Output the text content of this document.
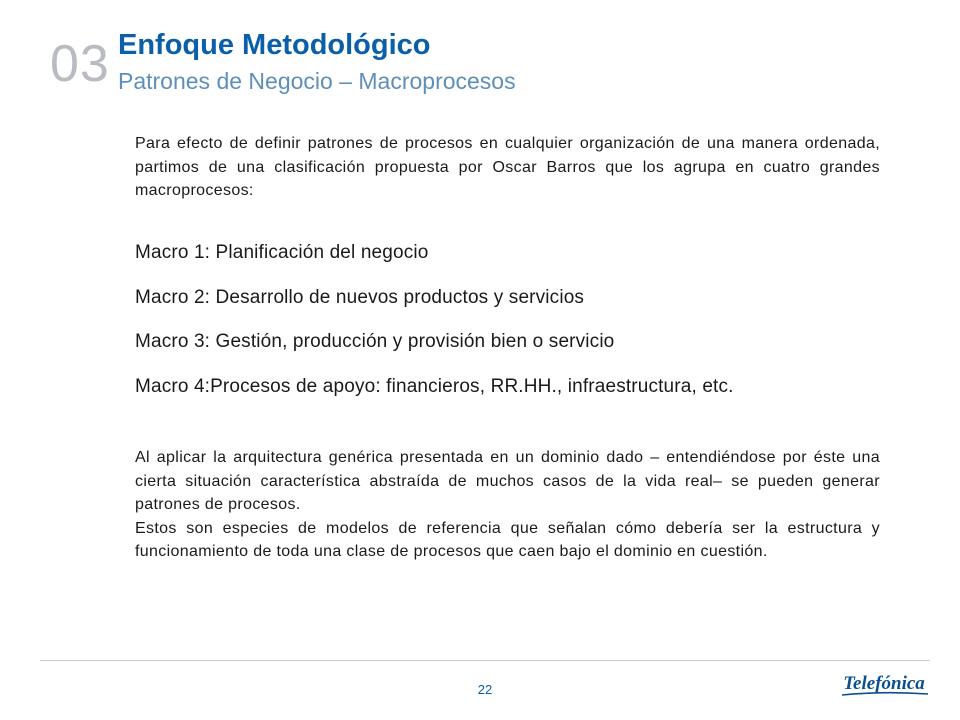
03 Enfoque Metodológico
Patrones de Negocio – Macroprocesos

Para efecto de definir patrones de procesos en cualquier organización de una manera ordenada, partimos de una clasificación propuesta por Oscar Barros que los agrupa en cuatro grandes macroprocesos:

Macro 1: Planificación del negocio
Macro 2: Desarrollo de nuevos productos y servicios
Macro 3: Gestión, producción y provisión bien o servicio
Macro 4:Procesos de apoyo: financieros, RR.HH., infraestructura, etc.

Al aplicar la arquitectura genérica presentada en un dominio dado – entendiéndose por éste una cierta situación característica abstraída de muchos casos de la vida real– se pueden generar patrones de procesos.

Estos son especies de modelos de referencia que señalan cómo debería ser la estructura y funcionamiento de toda una clase de procesos que caen bajo el dominio en cuestión.

22	Telefónica
